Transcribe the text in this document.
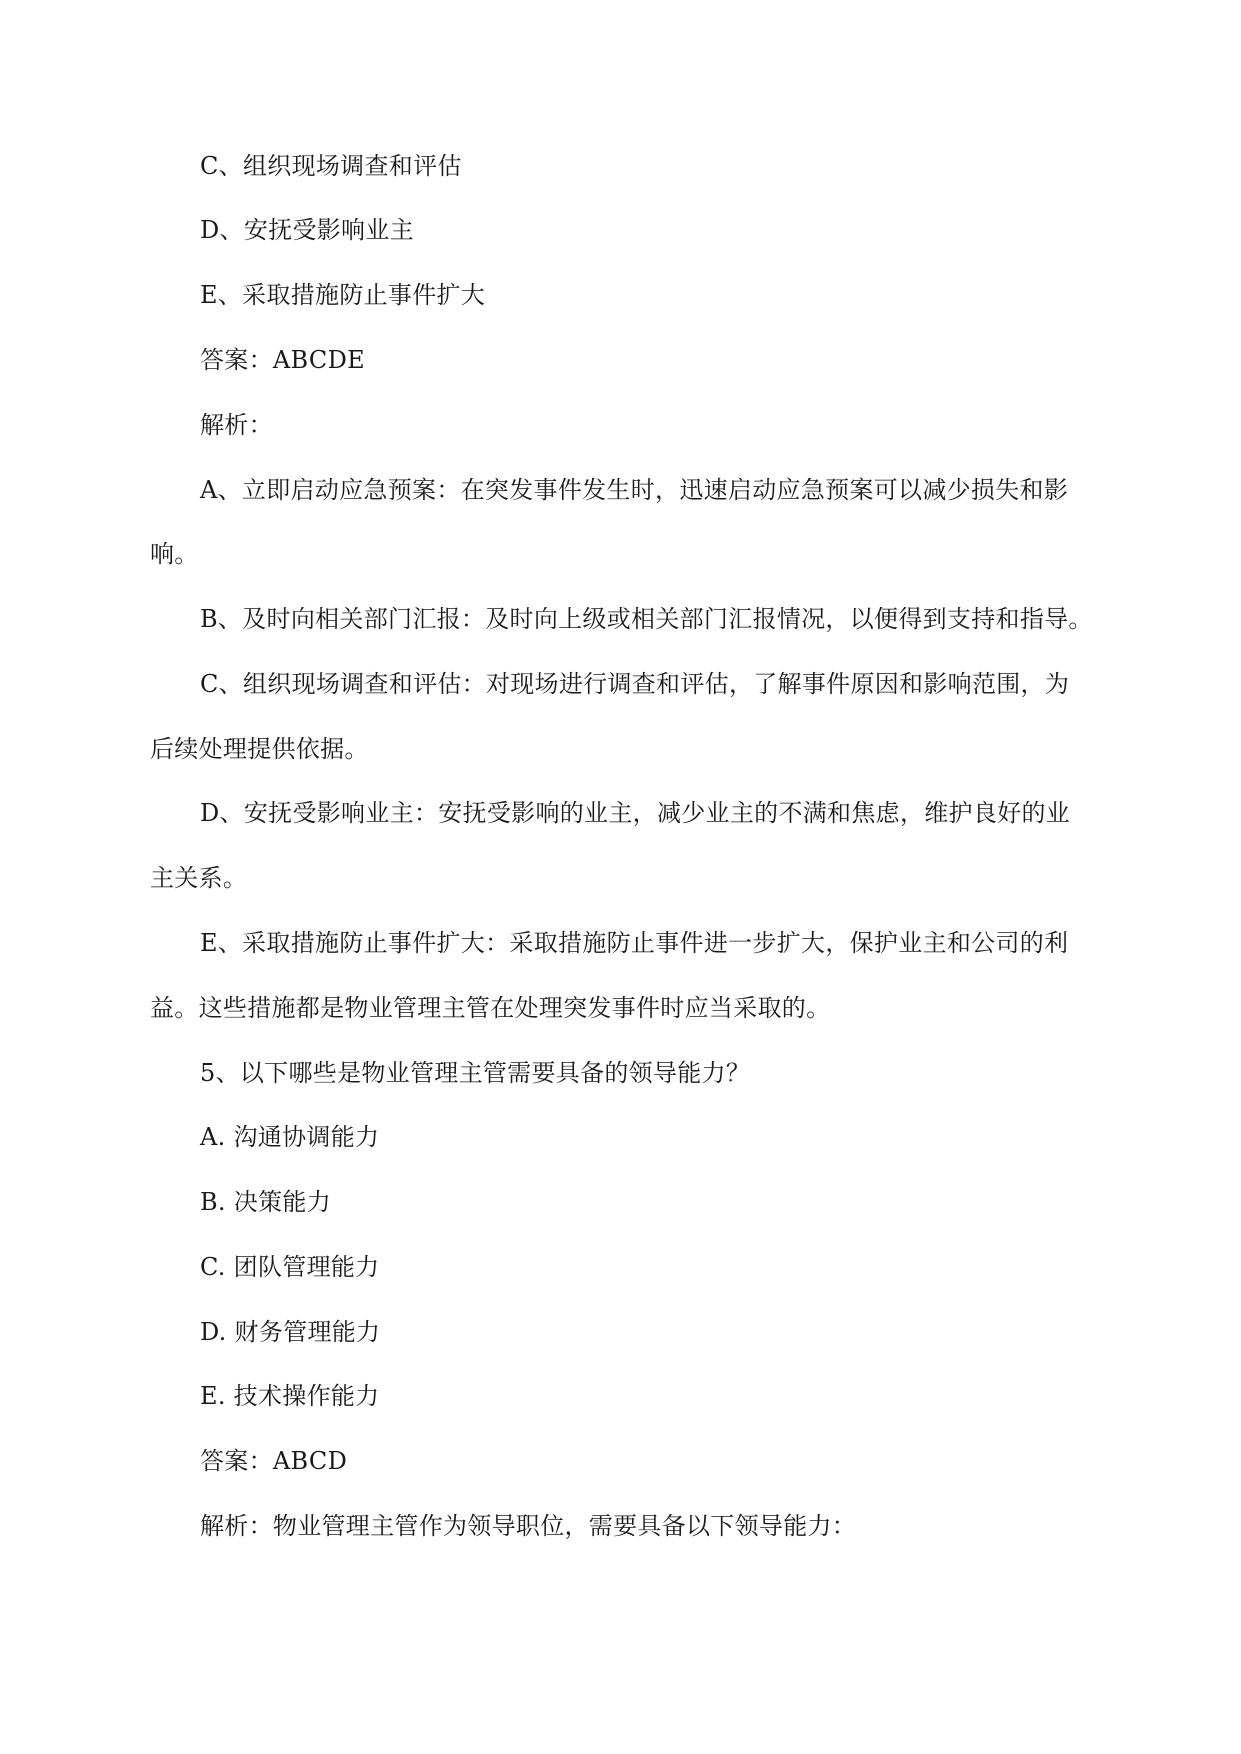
C、组织现场调查和评估

D、安抚受影响业主

E、采取措施防止事件扩大

答案：ABCDE

解析：

A、立即启动应急预案：在突发事件发生时，迅速启动应急预案可以减少损失和影

响。

B、及时向相关部门汇报：及时向上级或相关部门汇报情况，以便得到支持和指导。

C、组织现场调查和评估：对现场进行调查和评估，了解事件原因和影响范围，为

后续处理提供依据。

D、安抚受影响业主：安抚受影响的业主，减少业主的不满和焦虑，维护良好的业

主关系。

E、采取措施防止事件扩大：采取措施防止事件进一步扩大，保护业主和公司的利

益。这些措施都是物业管理主管在处理突发事件时应当采取的。

5、以下哪些是物业管理主管需要具备的领导能力？

A. 沟通协调能力

B. 决策能力

C. 团队管理能力

D. 财务管理能力

E. 技术操作能力

答案：ABCD

解析：物业管理主管作为领导职位，需要具备以下领导能力：
